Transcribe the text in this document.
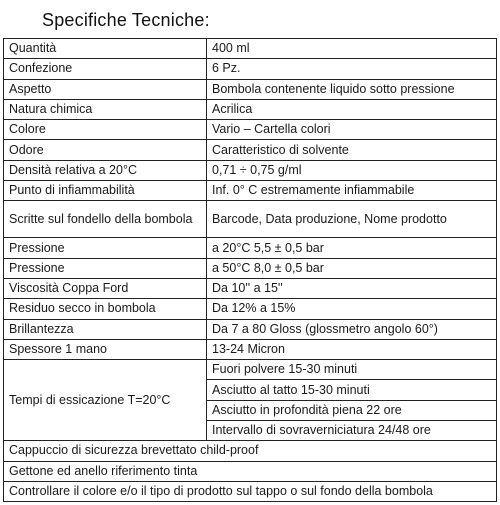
Specifiche Tecniche:
Quantità	400 ml
Confezione	6 Pz.
Aspetto	Bombola contenente liquido sotto pressione
Natura chimica	Acrilica
Colore	Vario – Cartella colori
Odore	Caratteristico di solvente
Densità relativa a 20°C	0,71 ÷ 0,75 g/ml
Punto di infiammabilità	Inf. 0° C estremamente infiammabile
Scritte sul fondello della bombola	Barcode, Data produzione, Nome prodotto
Pressione	a 20°C 5,5 ± 0,5 bar
Pressione	a 50°C 8,0 ± 0,5 bar
Viscosità Coppa Ford	Da 10'' a 15''
Residuo secco in bombola	Da 12% a 15%
Brillantezza	Da 7 a 80 Gloss (glossmetro angolo 60°)
Spessore 1 mano	13-24 Micron
Tempi di essicazione T=20°C	Fuori polvere 15-30 minuti
	Asciutto al tatto 15-30 minuti
	Asciutto in profondità piena 22 ore
	Intervallo di sovraverniciatura 24/48 ore
Cappuccio di sicurezza brevettato child-proof	
Gettone ed anello riferimento tinta	
Controllare il colore e/o il tipo di prodotto sul tappo o sul fondo della bombola	
